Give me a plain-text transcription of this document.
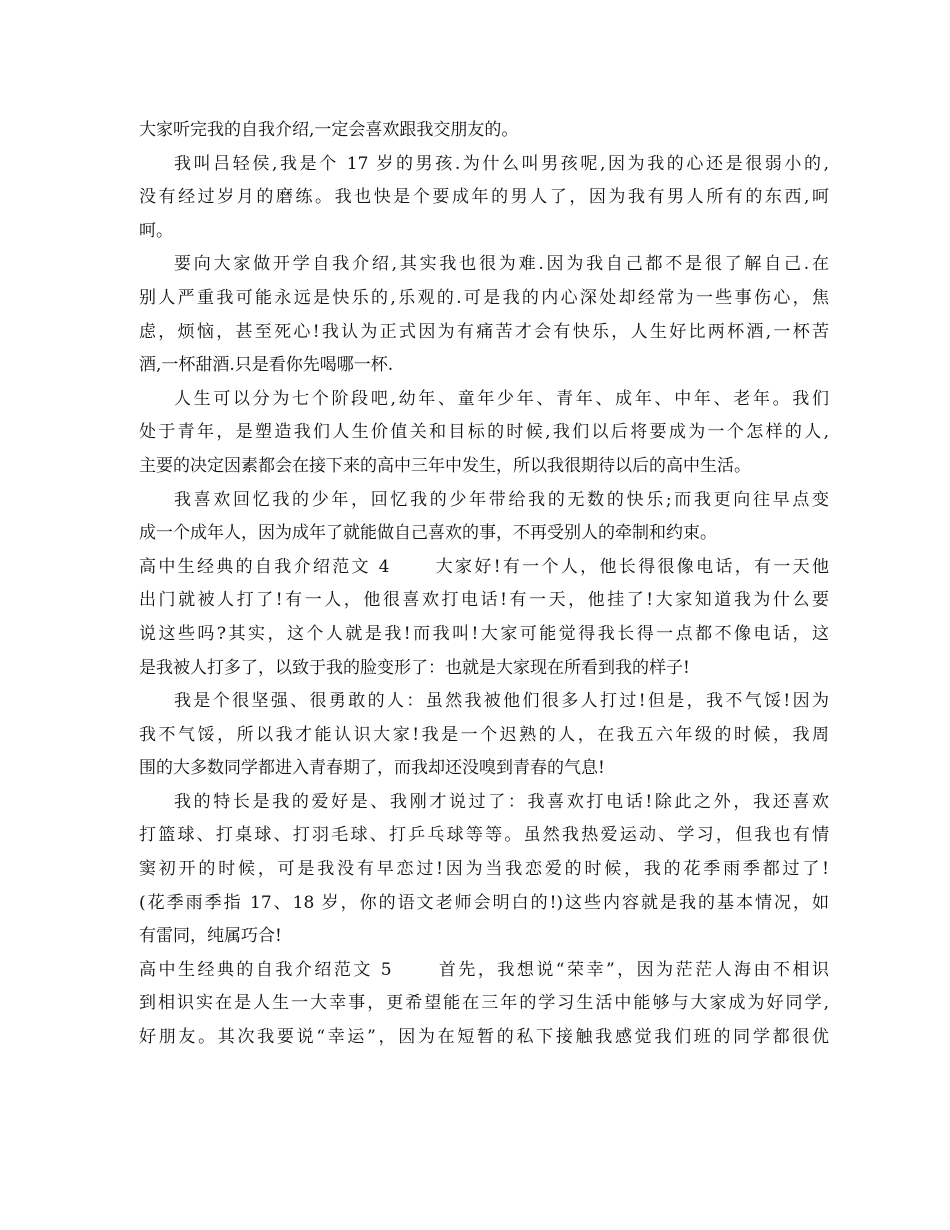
大家听完我的自我介绍,一定会喜欢跟我交朋友的。
我叫吕轻侯,我是个 17 岁的男孩.为什么叫男孩呢,因为我的心还是很弱小的,
没有经过岁月的磨练。我也快是个要成年的男人了，因为我有男人所有的东西,呵
呵。
要向大家做开学自我介绍,其实我也很为难.因为我自己都不是很了解自己.在
别人严重我可能永远是快乐的,乐观的.可是我的内心深处却经常为一些事伤心，焦
虑，烦恼，甚至死心!我认为正式因为有痛苦才会有快乐，人生好比两杯酒,一杯苦
酒,一杯甜酒.只是看你先喝哪一杯.
人生可以分为七个阶段吧,幼年、童年少年、青年、成年、中年、老年。我们
处于青年，是塑造我们人生价值关和目标的时候,我们以后将要成为一个怎样的人,
主要的决定因素都会在接下来的高中三年中发生，所以我很期待以后的高中生活。
我喜欢回忆我的少年，回忆我的少年带给我的无数的快乐;而我更向往早点变
成一个成年人，因为成年了就能做自己喜欢的事，不再受别人的牵制和约束。
高中生经典的自我介绍范文 4      大家好!有一个人，他长得很像电话，有一天他
出门就被人打了!有一人，他很喜欢打电话!有一天，他挂了!大家知道我为什么要
说这些吗?其实，这个人就是我!而我叫!大家可能觉得我长得一点都不像电话，这
是我被人打多了，以致于我的脸变形了：也就是大家现在所看到我的样子!
我是个很坚强、很勇敢的人：虽然我被他们很多人打过!但是，我不气馁!因为
我不气馁，所以我才能认识大家!我是一个迟熟的人，在我五六年级的时候，我周
围的大多数同学都进入青春期了，而我却还没嗅到青春的气息!
我的特长是我的爱好是、我刚才说过了：我喜欢打电话!除此之外，我还喜欢
打篮球、打桌球、打羽毛球、打乒乓球等等。虽然我热爱运动、学习，但我也有情
窦初开的时候，可是我没有早恋过!因为当我恋爱的时候，我的花季雨季都过了!
(花季雨季指 17、18 岁，你的语文老师会明白的!)这些内容就是我的基本情况，如
有雷同，纯属巧合!
高中生经典的自我介绍范文 5      首先，我想说“荣幸”，因为茫茫人海由不相识
到相识实在是人生一大幸事，更希望能在三年的学习生活中能够与大家成为好同学,
好朋友。其次我要说“幸运”，因为在短暂的私下接触我感觉我们班的同学都很优
